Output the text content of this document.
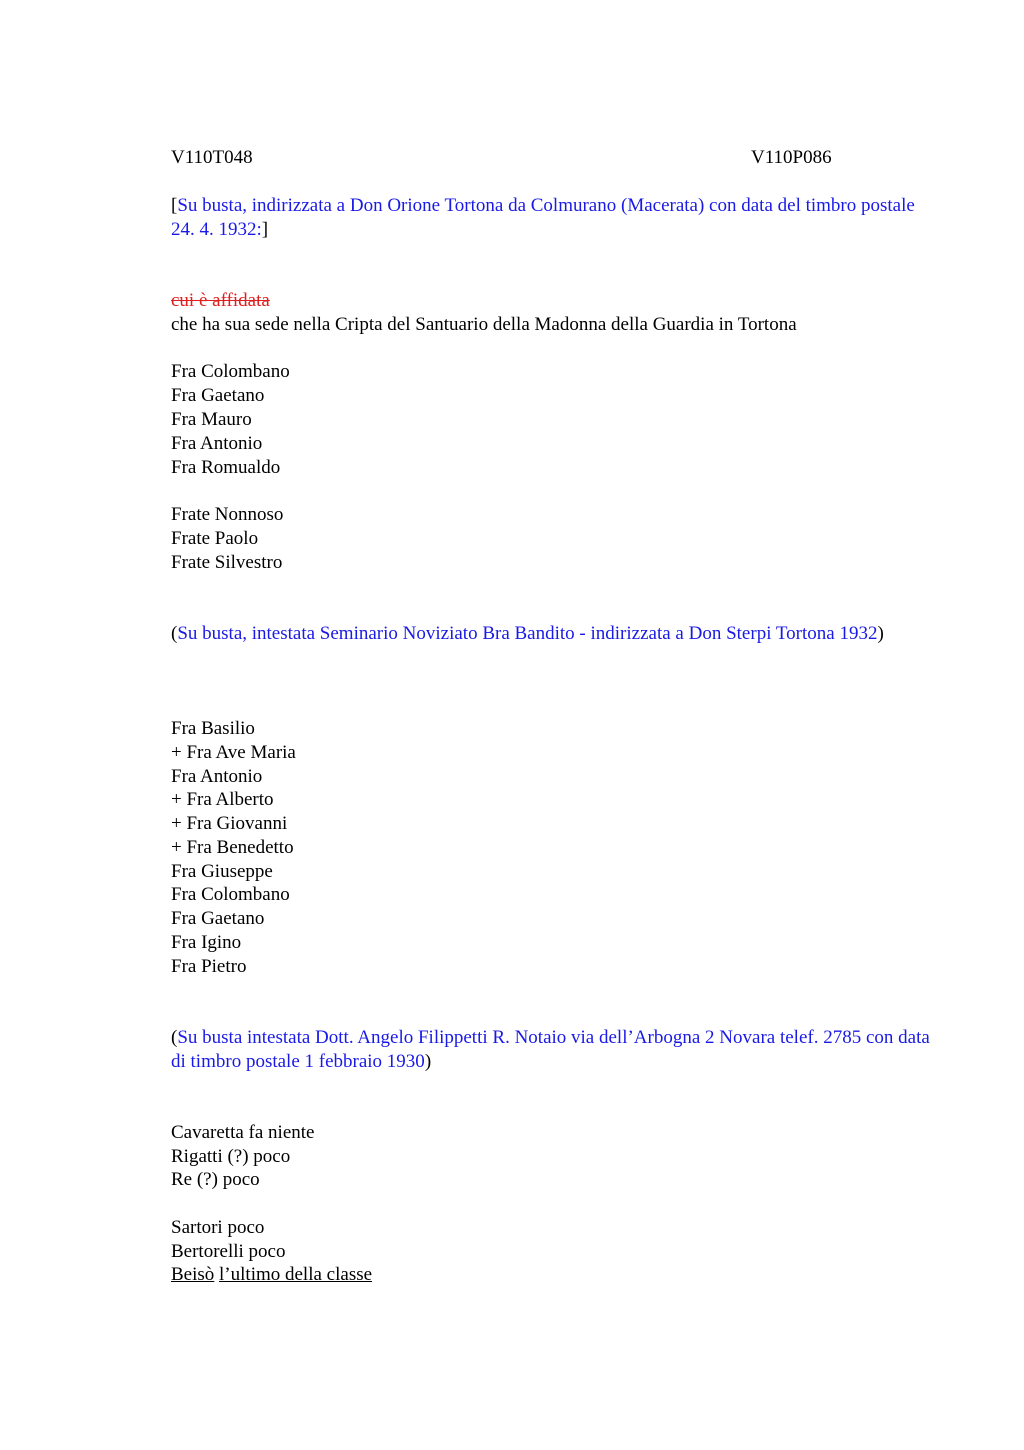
V110T048	V110P086
[Su busta, indirizzata a Don Orione Tortona da Colmurano (Macerata) con data del timbro postale 24. 4. 1932:]
cui è affidata
che ha sua sede nella Cripta del Santuario della Madonna della Guardia in Tortona
Fra Colombano
Fra Gaetano
Fra Mauro
Fra Antonio
Fra Romualdo
Frate Nonnoso
Frate Paolo
Frate Silvestro
(Su busta, intestata Seminario Noviziato Bra Bandito - indirizzata a Don Sterpi Tortona 1932)
Fra Basilio
+ Fra Ave Maria
Fra Antonio
+ Fra Alberto
+ Fra Giovanni
+ Fra Benedetto
Fra Giuseppe
Fra Colombano
Fra Gaetano
Fra Igino
Fra Pietro
(Su busta intestata Dott. Angelo Filippetti R. Notaio via dell’Arbogna 2 Novara telef. 2785 con data di timbro postale 1 febbraio 1930)
Cavaretta fa niente
Rigatti (?) poco
Re (?) poco
Sartori poco
Bertorelli poco
Beisò l’ultimo della classe
